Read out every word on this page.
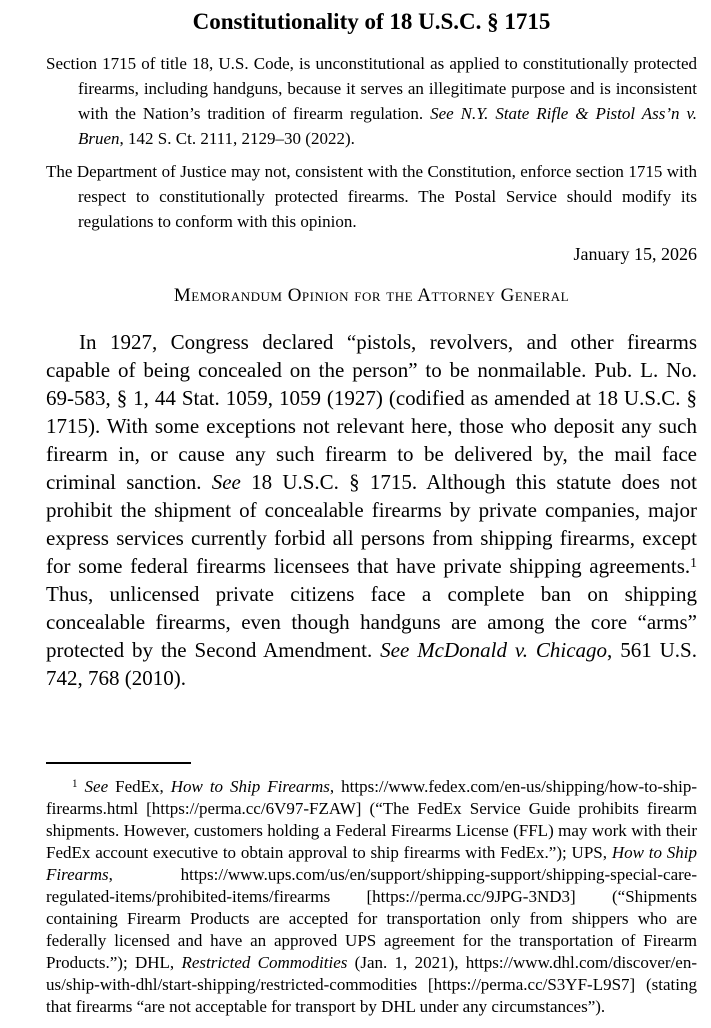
Constitutionality of 18 U.S.C. § 1715

Section 1715 of title 18, U.S. Code, is unconstitutional as applied to constitutionally protected firearms, including handguns, because it serves an illegitimate purpose and is inconsistent with the Nation’s tradition of firearm regulation. See N.Y. State Rifle & Pistol Ass’n v. Bruen, 142 S. Ct. 2111, 2129–30 (2022).

The Department of Justice may not, consistent with the Constitution, enforce section 1715 with respect to constitutionally protected firearms. The Postal Service should modify its regulations to conform with this opinion.

January 15, 2026

Memorandum Opinion for the Attorney General

In 1927, Congress declared “pistols, revolvers, and other firearms capable of being concealed on the person” to be nonmailable. Pub. L. No. 69-583, § 1, 44 Stat. 1059, 1059 (1927) (codified as amended at 18 U.S.C. § 1715). With some exceptions not relevant here, those who deposit any such firearm in, or cause any such firearm to be delivered by, the mail face criminal sanction. See 18 U.S.C. § 1715. Although this statute does not prohibit the shipment of concealable firearms by private companies, major express services currently forbid all persons from shipping firearms, except for some federal firearms licensees that have private shipping agreements.$^1$ Thus, unlicensed private citizens face a complete ban on shipping concealable firearms, even though handguns are among the core “arms” protected by the Second Amendment. See McDonald v. Chicago, 561 U.S. 742, 768 (2010).

$^1$ See FedEx, How to Ship Firearms, https://www.fedex.com/en-us/shipping/how-to-ship-firearms.html [https://perma.cc/6V97-FZAW] (“The FedEx Service Guide prohibits firearm shipments. However, customers holding a Federal Firearms License (FFL) may work with their FedEx account executive to obtain approval to ship firearms with FedEx.”); UPS, How to Ship Firearms, https://www.ups.com/us/en/support/shipping-support/shipping-special-care-regulated-items/prohibited-items/firearms [https://perma.cc/9JPG-3ND3] (“Shipments containing Firearm Products are accepted for transportation only from shippers who are federally licensed and have an approved UPS agreement for the transportation of Firearm Products.”); DHL, Restricted Commodities (Jan. 1, 2021), https://www.dhl.com/discover/en-us/ship-with-dhl/start-shipping/restricted-commodities [https://perma.cc/S3YF-L9S7] (stating that firearms “are not acceptable for transport by DHL under any circumstances”).
